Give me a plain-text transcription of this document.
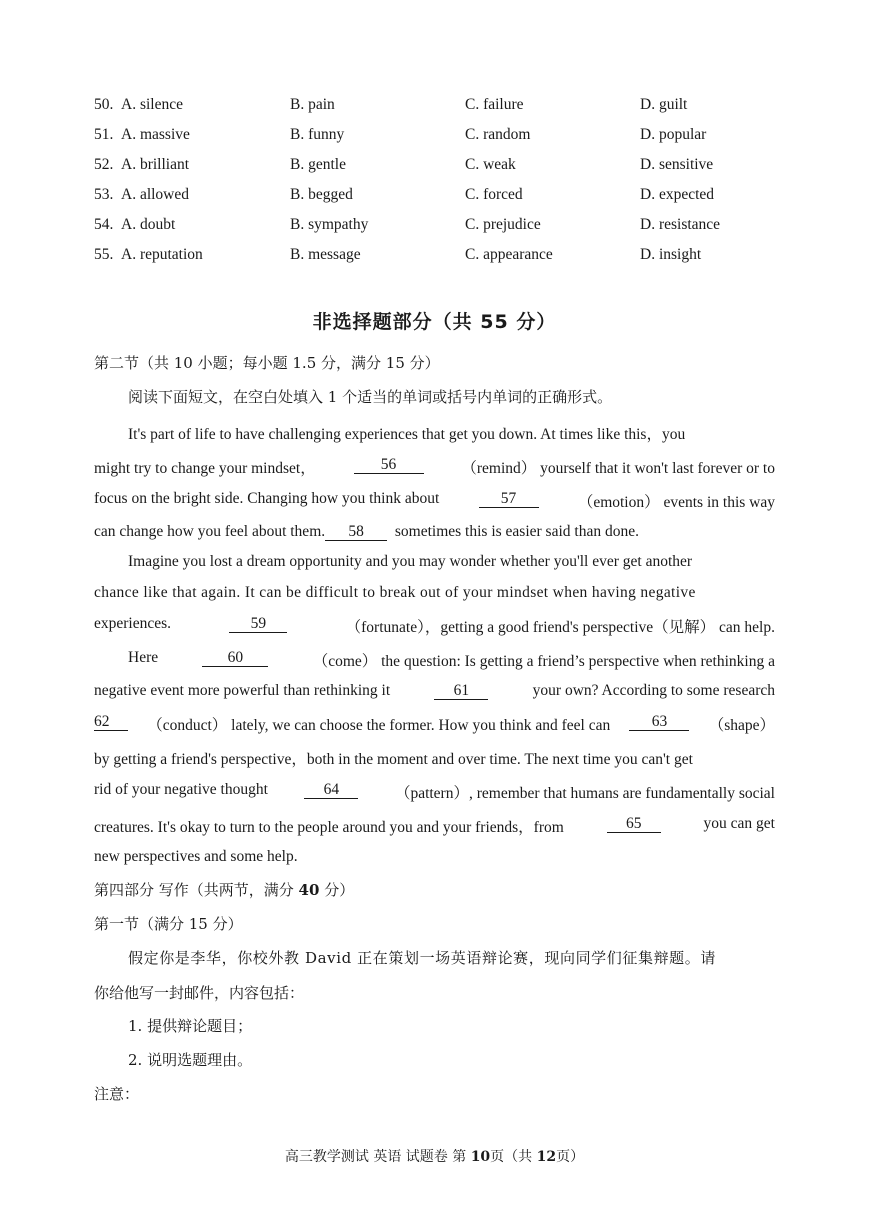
50. A. silence	B. pain	C. failure	D. guilt
51. A. massive	B. funny	C. random	D. popular
52. A. brilliant	B. gentle	C. weak	D. sensitive
53. A. allowed	B. begged	C. forced	D. expected
54. A. doubt	B. sympathy	C. prejudice	D. resistance
55. A. reputation	B. message	C. appearance	D. insight
非选择题部分（共 55 分）
第二节（共 10 小题；每小题 1.5 分，满分 15 分）
阅读下面短文，在空白处填入 1 个适当的单词或括号内单词的正确形式。
It's part of life to have challenging experiences that get you down. At times like this，you
might try to change your mindset，	56	（remind） yourself that it won't last forever or to
focus on the bright side. Changing how you think about	57	（emotion） events in this way
can change how you feel about them. 58 sometimes this is easier said than done.
Imagine you lost a dream opportunity and you may wonder whether you'll ever get another
chance like that again. It can be difficult to break out of your mindset when having negative
experiences.	59	（fortunate），getting a good friend's perspective（见解） can help.
Here	60	（come） the question: Is getting a friend’s perspective when rethinking a
negative event more powerful than rethinking it	61	your own? According to some research
62	（conduct） lately, we can choose the former. How you think and feel can	63	（shape）
by getting a friend's perspective，both in the moment and over time. The next time you can't get
rid of your negative thought	64	（pattern）, remember that humans are fundamentally social
creatures. It's okay to turn to the people around you and your friends，from	65	you can get
new perspectives and some help.
第四部分 写作（共两节，满分 40 分）
第一节（满分 15 分）
假定你是李华，你校外教 David 正在策划一场英语辩论赛，现向同学们征集辩题。请
你给他写一封邮件，内容包括：
1. 提供辩论题目；
2. 说明选题理由。
注意：
高三教学测试 英语 试题卷 第 10页（共 12页）
